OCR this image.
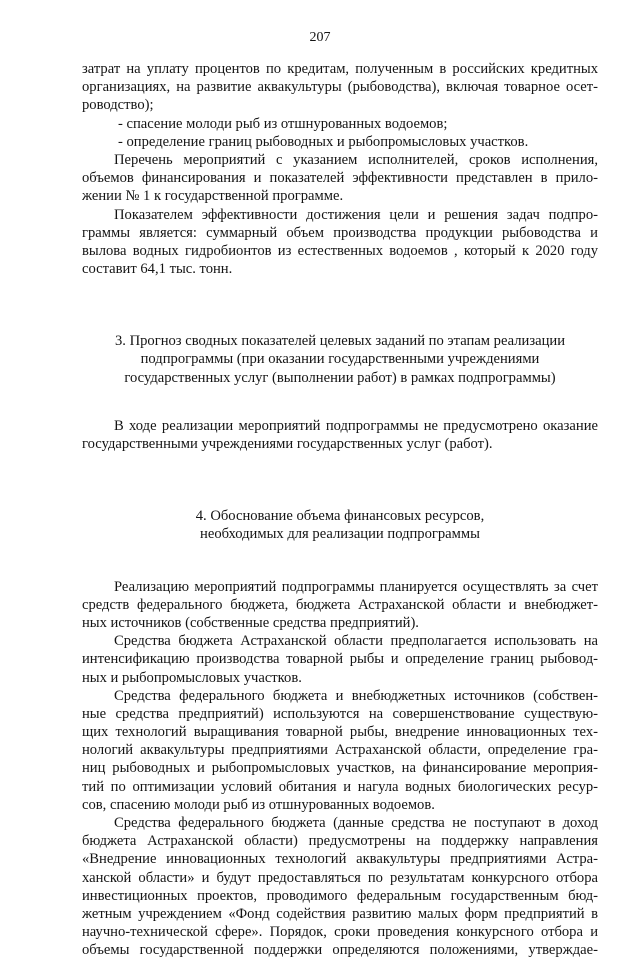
207
затрат на уплату процентов по кредитам, полученным в российских кредитных
организациях, на развитие аквакультуры (рыбоводства), включая товарное осет-
роводство);
- спасение молоди рыб из отшнурованных водоемов;
- определение границ рыбоводных и рыбопромысловых участков.
Перечень мероприятий с указанием исполнителей, сроков исполнения,
объемов финансирования и показателей эффективности представлен в прило-
жении № 1 к государственной программе.
Показателем эффективности достижения цели и решения задач подпро-
граммы является: суммарный объем производства продукции рыбоводства и
вылова водных гидробионтов из естественных водоемов , который к 2020 году
составит 64,1 тыс. тонн.
3. Прогноз сводных показателей целевых заданий по этапам реализации
подпрограммы (при оказании государственными учреждениями
государственных услуг (выполнении работ) в рамках подпрограммы)
В ходе реализации мероприятий подпрограммы не предусмотрено оказание
государственными учреждениями государственных услуг (работ).
4. Обоснование объема финансовых ресурсов,
необходимых для реализации подпрограммы
Реализацию мероприятий подпрограммы планируется осуществлять за счет
средств федерального бюджета, бюджета Астраханской области и внебюджет-
ных источников (собственные средства предприятий).
Средства бюджета Астраханской области предполагается использовать на
интенсификацию производства товарной рыбы и определение границ рыбовод-
ных и рыбопромысловых участков.
Средства федерального бюджета и внебюджетных источников (собствен-
ные средства предприятий) используются на совершенствование существую-
щих технологий выращивания товарной рыбы, внедрение инновационных тех-
нологий аквакультуры предприятиями Астраханской области, определение гра-
ниц рыбоводных и рыбопромысловых участков, на финансирование мероприя-
тий по оптимизации условий обитания и нагула водных биологических ресур-
сов, спасению молоди рыб из отшнурованных водоемов.
Средства федерального бюджета (данные средства не поступают в доход
бюджета Астраханской области) предусмотрены на поддержку направления
«Внедрение инновационных технологий аквакультуры предприятиями Астра-
ханской области» и будут предоставляться по результатам конкурсного отбора
инвестиционных проектов, проводимого федеральным государственным бюд-
жетным учреждением «Фонд содействия развитию малых форм предприятий в
научно-технической сфере». Порядок, сроки проведения конкурсного отбора и
объемы государственной поддержки определяются положениями, утверждае-
